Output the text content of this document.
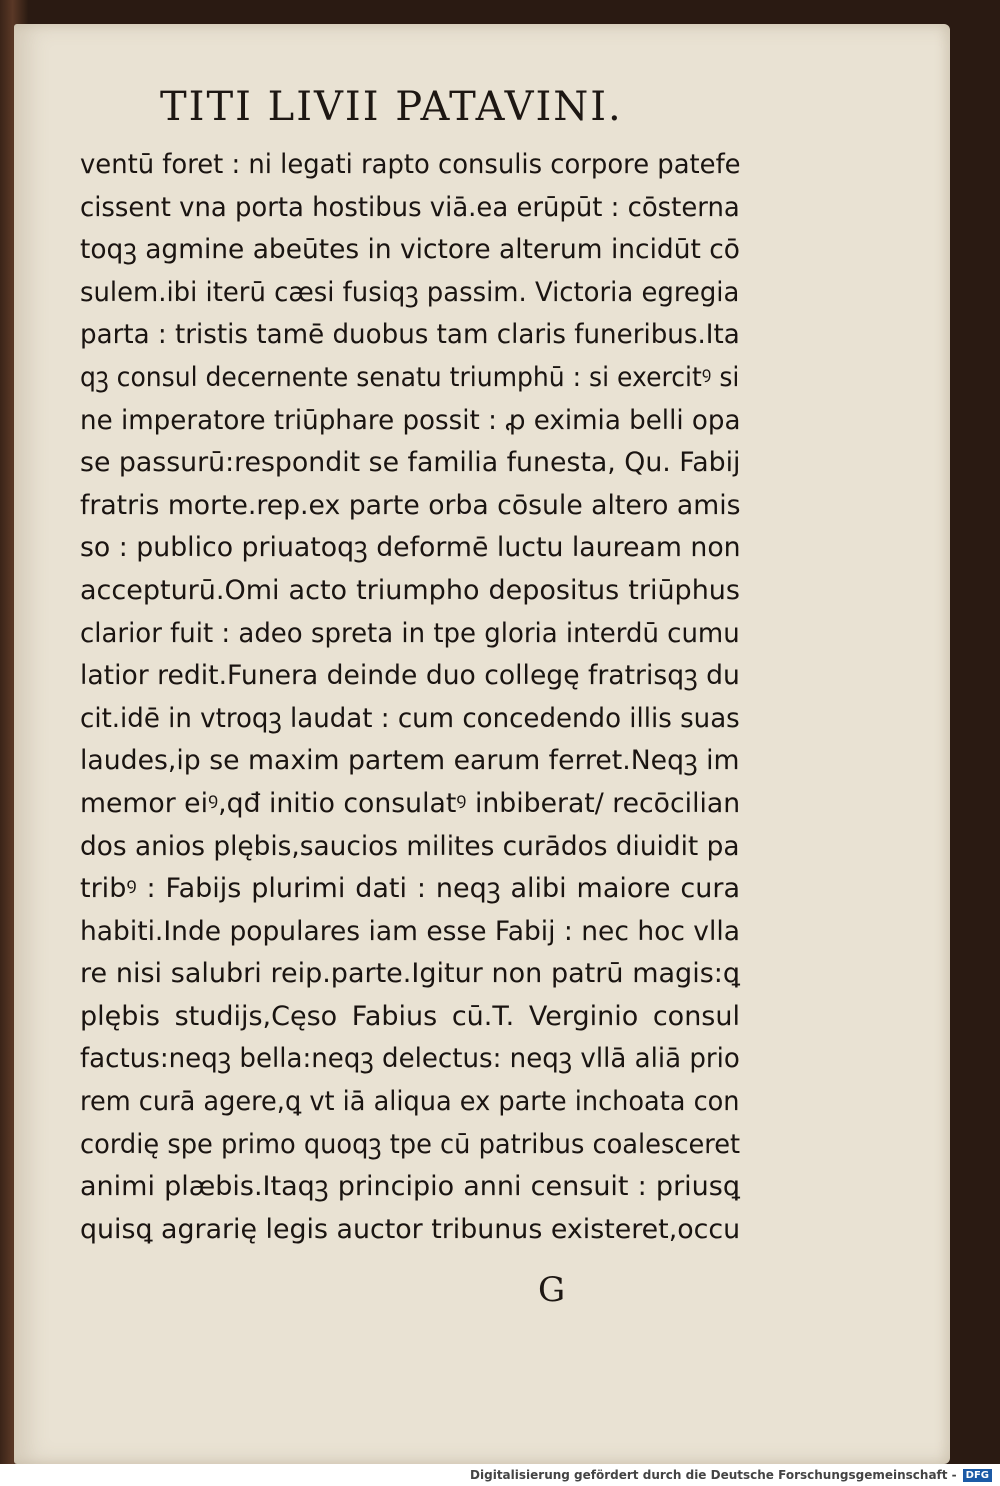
TITI LIVII PATAVINI.
ventū foret : ni legati rapto consulis corpore patefe
cissent vna porta hostibus viā.ea erūpūt : cōsterna
toqꝫ agmine abeūtes in victore alterum incidūt cō
sulem.ibi iterū cæsi fusiqꝫ passim. Victoria egregia
parta : tristis tamē duobus tam claris funeribus.Ita
qꝫ consul decernente senatu triumphū : si exercitꝰ si
ne imperatore triūphare possit : ꝓ eximia belli opa
se passurū:respondit se familia funesta, Qu. Fabij
fratris morte.rep.ex parte orba cōsule altero amis
so : publico priuatoqꝫ deformē luctu lauream non
accepturū.Omi acto triumpho depositus triūphus
clarior fuit : adeo spreta in tpe gloria interdū cumu
latior redit.Funera deinde duo collegę fratrisqꝫ du
cit.idē in vtroqꝫ laudat : cum concedendo illis suas
laudes,ip se maxim partem earum ferret.Neqꝫ im
memor eiꝰ,qđ initio consulatꝰ inbiberat/ recōcilian
dos anios plębis,saucios milites curādos diuidit pa
tribꝰ : Fabijs plurimi dati : neqꝫ alibi maiore cura
habiti.Inde populares iam esse Fabij : nec hoc vlla
re nisi salubri reip.parte.Igitur non patrū magis:ꝗ
plębis studijs,Cęso Fabius cū.T. Verginio consul
factus:neqꝫ bella:neqꝫ delectus: neqꝫ vllā aliā prio
rem curā agere,ꝗ vt iā aliqua ex parte inchoata con
cordię spe primo quoqꝫ tpe cū patribus coalesceret
animi plæbis.Itaqꝫ principio anni censuit : priusꝗ
quisꝗ agrarię legis auctor tribunus existeret,occu
G
Digitalisierung gefördert durch die Deutsche Forschungsgemeinschaft - DFG
